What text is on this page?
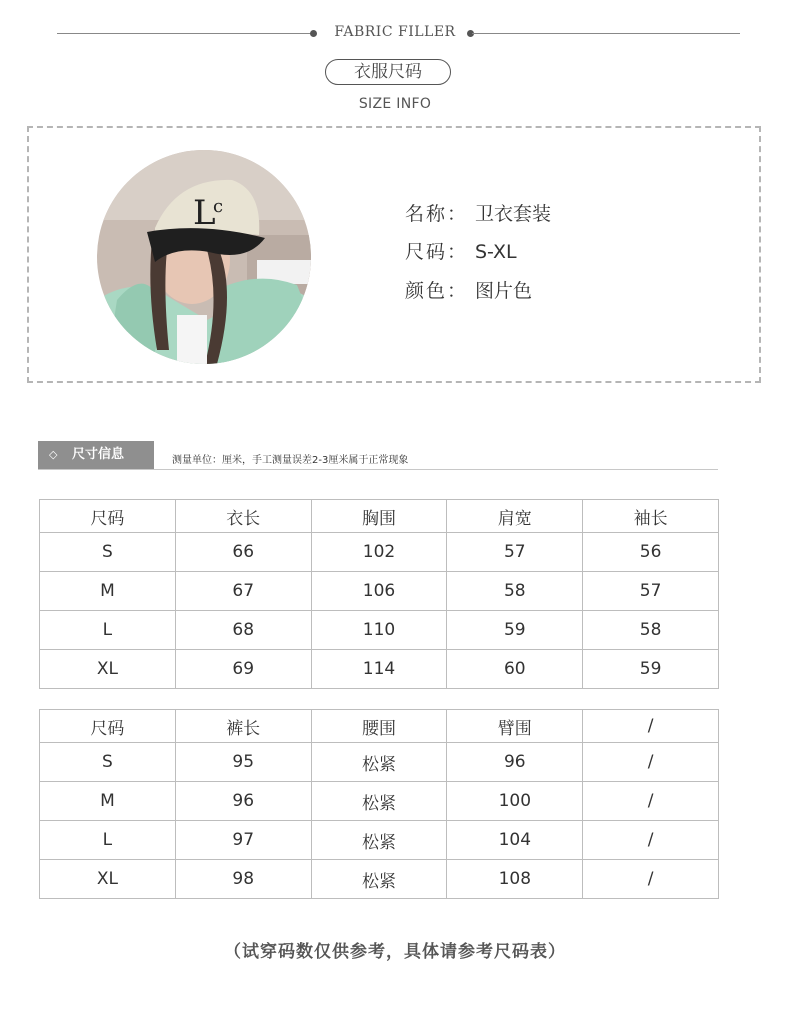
FABRIC FILLER
衣服尺码
SIZE INFO
L
c	名称： 卫衣套装
尺码： S-XL
颜色： 图片色
◇ 尺寸信息	测量单位：厘米，手工测量误差2-3厘米属于正常现象
尺码	衣长	胸围	肩宽	袖长
S	66	102	57	56
M	67	106	58	57
L	68	110	59	58
XL	69	114	60	59
尺码	裤长	腰围	臂围	/
S	95	松紧	96	/
M	96	松紧	100	/
L	97	松紧	104	/
XL	98	松紧	108	/
（试穿码数仅供参考，具体请参考尺码表）
